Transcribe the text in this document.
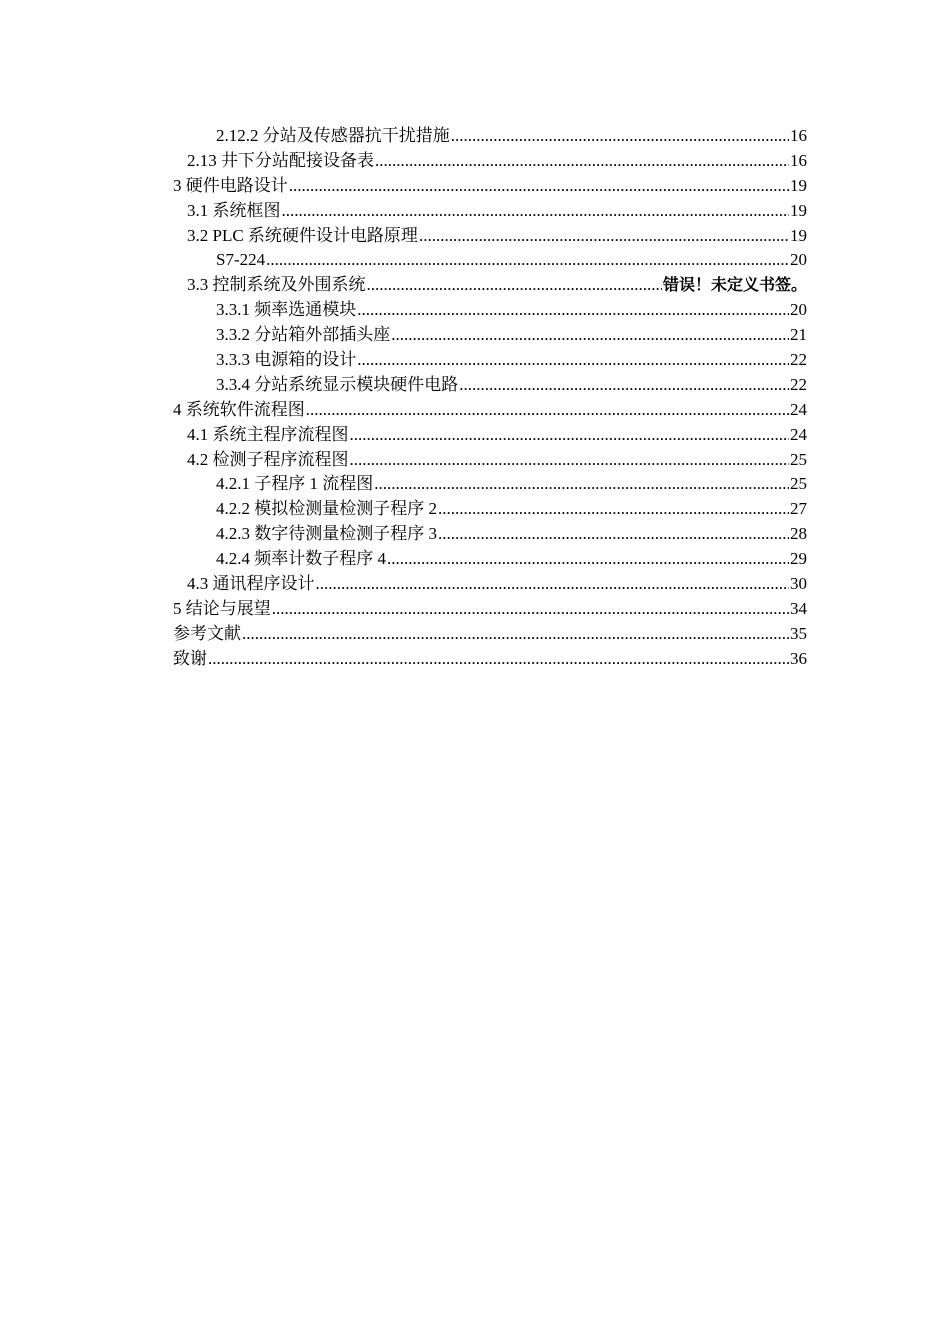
2.12.2 分站及传感器抗干扰措施 .....	16
2.13 井下分站配接设备表 .....	16
3 硬件电路设计 .....	19
3.1 系统框图 .....	19
3.2 PLC 系统硬件设计电路原理 .....	19
S7-224 .....	20
3.3 控制系统及外围系统 .....	错误！未定义书签。
3.3.1 频率选通模块 .....	20
3.3.2 分站箱外部插头座 .....	21
3.3.3 电源箱的设计 .....	22
3.3.4 分站系统显示模块硬件电路 .....	22
4 系统软件流程图 .....	24
4.1 系统主程序流程图 .....	24
4.2 检测子程序流程图 .....	25
4.2.1 子程序 1 流程图 .....	25
4.2.2 模拟检测量检测子程序 2 .....	27
4.2.3 数字待测量检测子程序 3 .....	28
4.2.4 频率计数子程序 4 .....	29
4.3 通讯程序设计 .....	30
5 结论与展望 .....	34
参考文献 .....	35
致谢 .....	36
